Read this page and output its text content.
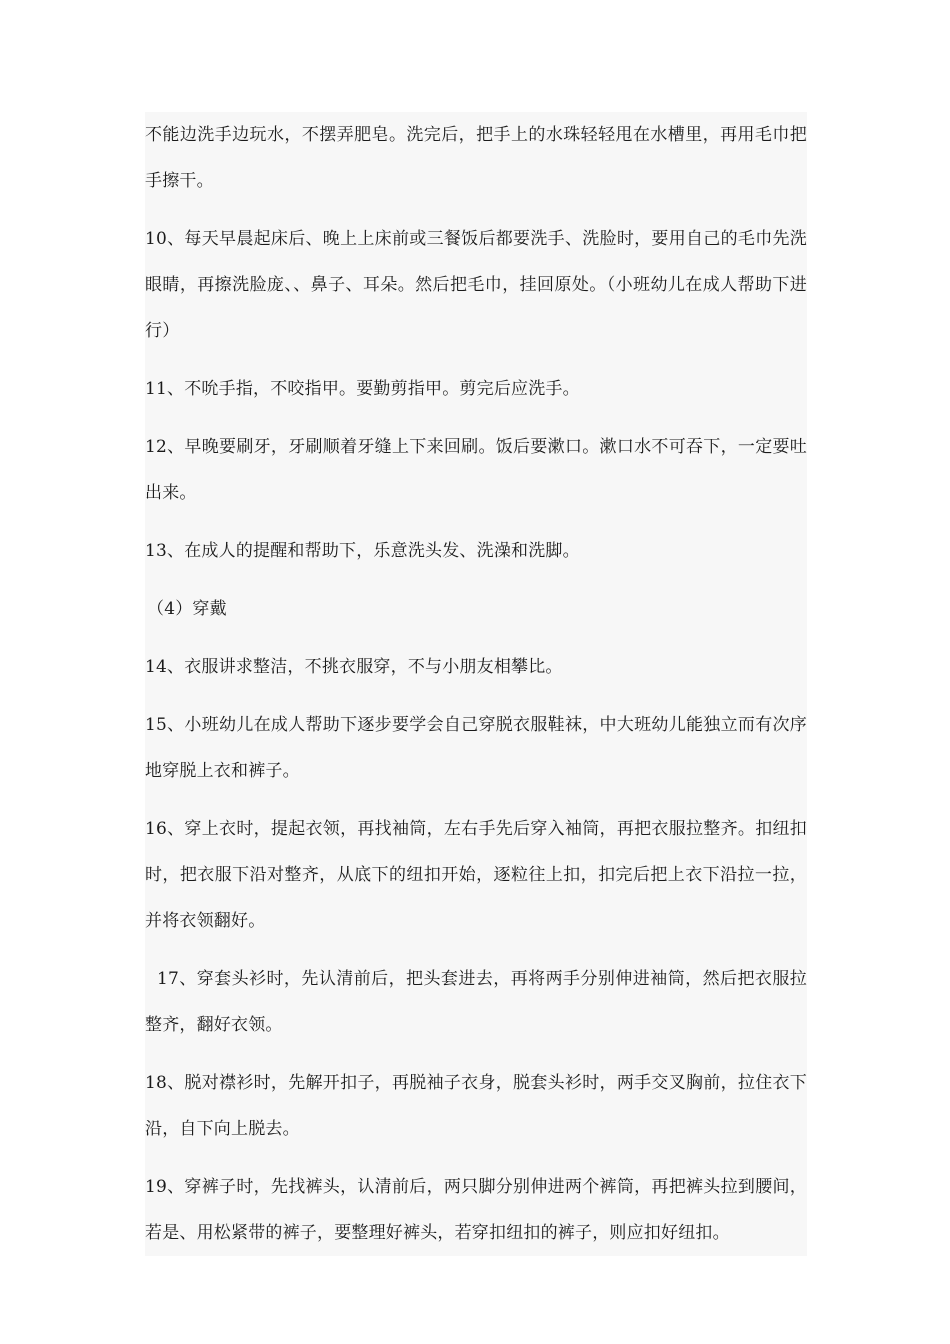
不能边洗手边玩水，不摆弄肥皂。洗完后，把手上的水珠轻轻甩在水槽里，再用毛巾把手擦干。

10、每天早晨起床后、晚上上床前或三餐饭后都要洗手、洗脸时，要用自己的毛巾先洗眼睛，再擦洗脸庞、、鼻子、耳朵。然后把毛巾，挂回原处。（小班幼儿在成人帮助下进行）

11、不吮手指，不咬指甲。要勤剪指甲。剪完后应洗手。

12、早晚要刷牙，牙刷顺着牙缝上下来回刷。饭后要漱口。漱口水不可吞下，一定要吐出来。

13、在成人的提醒和帮助下，乐意洗头发、洗澡和洗脚。

（4）穿戴

14、衣服讲求整洁，不挑衣服穿，不与小朋友相攀比。

15、小班幼儿在成人帮助下逐步要学会自己穿脱衣服鞋袜，中大班幼儿能独立而有次序地穿脱上衣和裤子。

16、穿上衣时，提起衣领，再找袖筒，左右手先后穿入袖筒，再把衣服拉整齐。扣纽扣时，把衣服下沿对整齐，从底下的纽扣开始，逐粒往上扣，扣完后把上衣下沿拉一拉，并将衣领翻好。

17、穿套头衫时，先认清前后，把头套进去，再将两手分别伸进袖筒，然后把衣服拉整齐，翻好衣领。

18、脱对襟衫时，先解开扣子，再脱袖子衣身，脱套头衫时，两手交叉胸前，拉住衣下沿，自下向上脱去。

19、穿裤子时，先找裤头，认清前后，两只脚分别伸进两个裤筒，再把裤头拉到腰间，若是、用松紧带的裤子，要整理好裤头，若穿扣纽扣的裤子，则应扣好纽扣。
